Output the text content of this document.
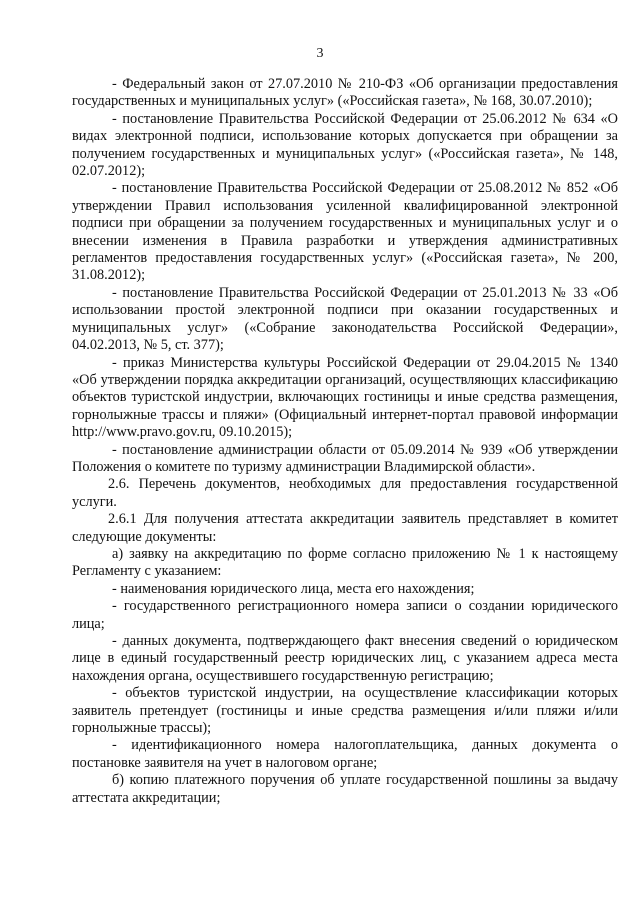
3

- Федеральный закон от 27.07.2010 № 210-ФЗ «Об организации предоставления государственных и муниципальных услуг» («Российская газета», № 168, 30.07.2010);

- постановление Правительства Российской Федерации от 25.06.2012 № 634 «О видах электронной подписи, использование которых допускается при обращении за получением государственных и муниципальных услуг» («Российская газета», № 148, 02.07.2012);

- постановление Правительства Российской Федерации от 25.08.2012 № 852 «Об утверждении Правил использования усиленной квалифицированной электронной подписи при обращении за получением государственных и муниципальных услуг и о внесении изменения в Правила разработки и утверждения административных регламентов предоставления государственных услуг» («Российская газета», № 200, 31.08.2012);

- постановление Правительства Российской Федерации от 25.01.2013 № 33 «Об использовании простой электронной подписи при оказании государственных и муниципальных услуг» («Собрание законодательства Российской Федерации», 04.02.2013, № 5, ст. 377);

- приказ Министерства культуры Российской Федерации от 29.04.2015 № 1340 «Об утверждении порядка аккредитации организаций, осуществляющих классификацию объектов туристской индустрии, включающих гостиницы и иные средства размещения, горнолыжные трассы и пляжи» (Официальный интернет-портал правовой информации http://www.pravo.gov.ru, 09.10.2015);

- постановление администрации области от 05.09.2014 № 939 «Об утверждении Положения о комитете по туризму администрации Владимирской области».

2.6. Перечень документов, необходимых для предоставления государственной услуги.

2.6.1 Для получения аттестата аккредитации заявитель представляет в комитет следующие документы:

а) заявку на аккредитацию по форме согласно приложению № 1 к настоящему Регламенту с указанием:

- наименования юридического лица, места его нахождения;

- государственного регистрационного номера записи о создании юридического лица;

- данных документа, подтверждающего факт внесения сведений о юридическом лице в единый государственный реестр юридических лиц, с указанием адреса места нахождения органа, осуществившего государственную регистрацию;

- объектов туристской индустрии, на осуществление классификации которых заявитель претендует (гостиницы и иные средства размещения и/или пляжи и/или горнолыжные трассы);

- идентификационного номера налогоплательщика, данных документа о постановке заявителя на учет в налоговом органе;

б) копию платежного поручения об уплате государственной пошлины за выдачу аттестата аккредитации;
